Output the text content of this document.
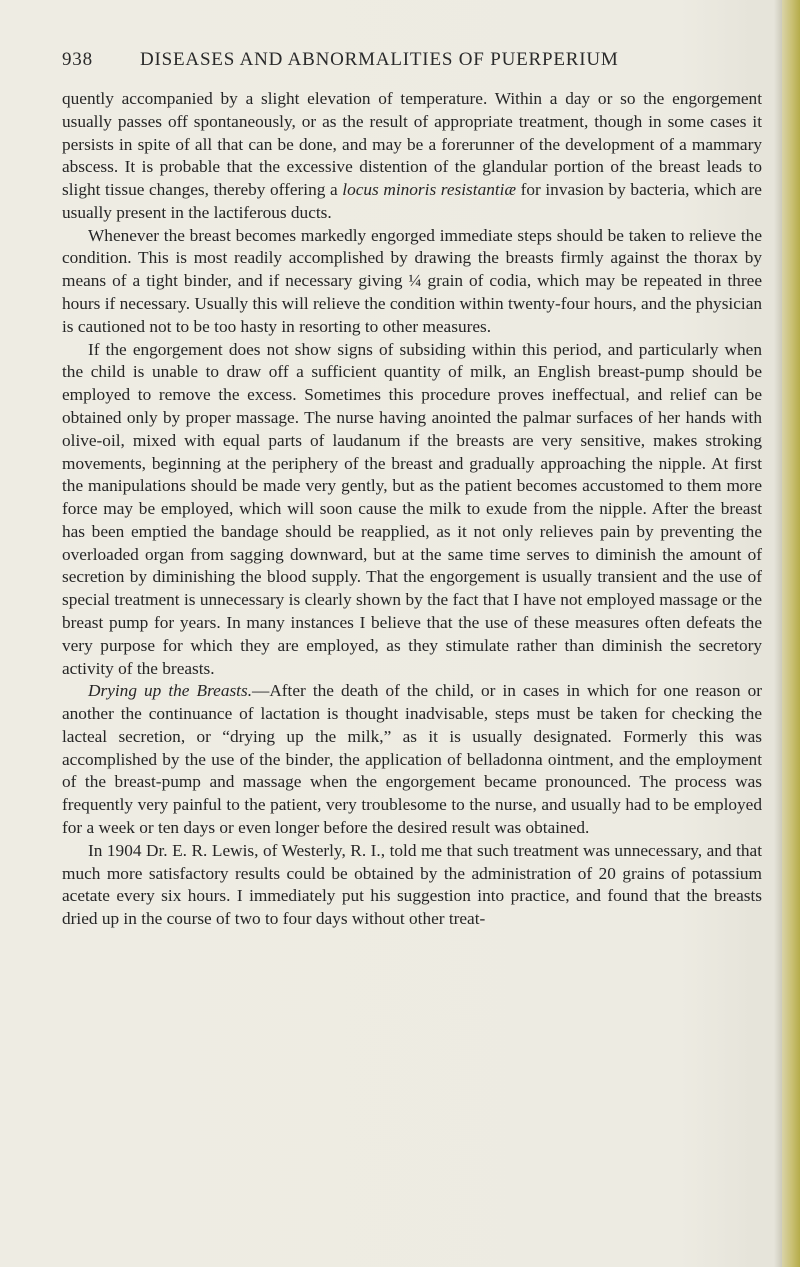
938 DISEASES AND ABNORMALITIES OF PUERPERIUM

quently accompanied by a slight elevation of temperature. Within a day or so the engorgement usually passes off spontaneously, or as the result of appropriate treatment, though in some cases it persists in spite of all that can be done, and may be a forerunner of the development of a mammary abscess. It is probable that the excessive distention of the glandular portion of the breast leads to slight tissue changes, thereby offering a locus minoris resistantiæ for invasion by bacteria, which are usually present in the lactiferous ducts.

Whenever the breast becomes markedly engorged immediate steps should be taken to relieve the condition. This is most readily accomplished by drawing the breasts firmly against the thorax by means of a tight binder, and if necessary giving ¼ grain of codia, which may be repeated in three hours if necessary. Usually this will relieve the condition within twenty-four hours, and the physician is cautioned not to be too hasty in resorting to other measures.

If the engorgement does not show signs of subsiding within this period, and particularly when the child is unable to draw off a sufficient quantity of milk, an English breast-pump should be employed to remove the excess. Sometimes this procedure proves ineffectual, and relief can be obtained only by proper massage. The nurse having anointed the palmar surfaces of her hands with olive-oil, mixed with equal parts of laudanum if the breasts are very sensitive, makes stroking movements, beginning at the periphery of the breast and gradually approaching the nipple. At first the manipulations should be made very gently, but as the patient becomes accustomed to them more force may be employed, which will soon cause the milk to exude from the nipple. After the breast has been emptied the bandage should be reapplied, as it not only relieves pain by preventing the overloaded organ from sagging downward, but at the same time serves to diminish the amount of secretion by diminishing the blood supply. That the engorgement is usually transient and the use of special treatment is unnecessary is clearly shown by the fact that I have not employed massage or the breast pump for years. In many instances I believe that the use of these measures often defeats the very purpose for which they are employed, as they stimulate rather than diminish the secretory activity of the breasts.

Drying up the Breasts.—After the death of the child, or in cases in which for one reason or another the continuance of lactation is thought inadvisable, steps must be taken for checking the lacteal secretion, or “drying up the milk,” as it is usually designated. Formerly this was accomplished by the use of the binder, the application of belladonna ointment, and the employment of the breast-pump and massage when the engorgement became pronounced. The process was frequently very painful to the patient, very troublesome to the nurse, and usually had to be employed for a week or ten days or even longer before the desired result was obtained.

In 1904 Dr. E. R. Lewis, of Westerly, R. I., told me that such treatment was unnecessary, and that much more satisfactory results could be obtained by the administration of 20 grains of potassium acetate every six hours. I immediately put his suggestion into practice, and found that the breasts dried up in the course of two to four days without other treat-
